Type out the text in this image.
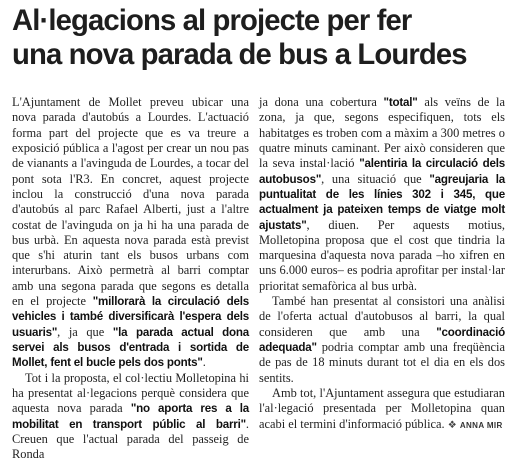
Al·legacions al projecte per fer
una nova parada de bus a Lourdes

L'Ajuntament de Mollet preveu ubicar una nova parada d'autobús a Lourdes. L'actuació forma part del projecte que es va treure a exposició pública a l'agost per crear un nou pas de vianants a l'avinguda de Lourdes, a tocar del pont sota l'R3. En concret, aquest projecte inclou la construcció d'una nova parada d'autobús al parc Rafael Alberti, just a l'altre costat de l'avinguda on ja hi ha una parada de bus urbà. En aquesta nova parada està previst que s'hi aturin tant els busos urbans com interurbans. Això permetrà al barri comptar amb una segona parada que segons es detalla en el projecte "millorarà la circulació dels vehicles i també diversificarà l'espera dels usuaris", ja que "la parada actual dona servei als busos d'entrada i sortida de Mollet, fent el bucle pels dos ponts".

Tot i la proposta, el col·lectiu Molletopina hi ha presentat al·legacions perquè considera que aquesta nova parada "no aporta res a la mobilitat en transport públic al barri". Creuen que l'actual parada del passeig de Ronda

ja dona una cobertura "total" als veïns de la zona, ja que, segons especifiquen, tots els habitatges es troben com a màxim a 300 metres o quatre minuts caminant. Per això consideren que la seva instal·lació "alentiria la circulació dels autobusos", una situació que "agreujaria la puntualitat de les línies 302 i 345, que actualment ja pateixen temps de viatge molt ajustats", diuen. Per aquests motius, Molletopina proposa que el cost que tindria la marquesina d'aquesta nova parada –ho xifren en uns 6.000 euros– es podria aprofitar per instal·lar prioritat semafòrica al bus urbà.

També han presentat al consistori una anàlisi de l'oferta actual d'autobusos al barri, la qual consideren que amb una "coordinació adequada" podria comptar amb una freqüència de pas de 18 minuts durant tot el dia en els dos sentits.

Amb tot, l'Ajuntament assegura que estudiaran l'al·legació presentada per Molletopina quan acabi el termini d'informació pública. ❖ ANNA MIR
